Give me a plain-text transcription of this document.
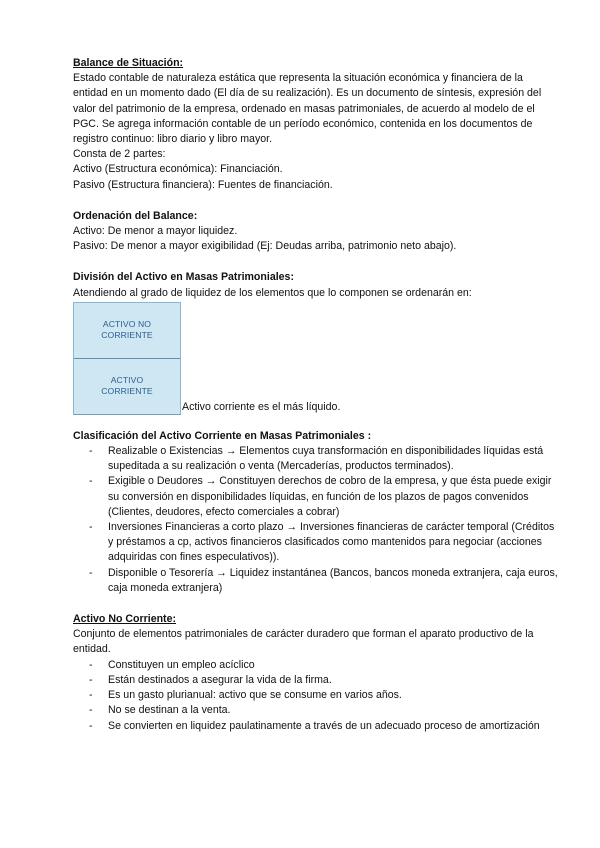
Balance de Situación:

Estado contable de naturaleza estática que representa la situación económica y financiera de la entidad en un momento dado (El día de su realización). Es un documento de síntesis, expresión del valor del patrimonio de la empresa, ordenado en masas patrimoniales, de acuerdo al modelo de el PGC. Se agrega información contable de un período económico, contenida en los documentos de registro continuo: libro diario y libro mayor.

Consta de 2 partes:

Activo (Estructura económica): Financiación.

Pasivo (Estructura financiera): Fuentes de financiación.

Ordenación del Balance:

Activo: De menor a mayor liquidez.

Pasivo: De menor a mayor exigibilidad (Ej: Deudas arriba, patrimonio neto abajo).

División del Activo en Masas Patrimoniales:

Atendiendo al grado de liquidez de los elementos que lo componen se ordenarán en:

ACTIVO NO
CORRIENTE
ACTIVO
CORRIENTE
Activo corriente es el más líquido.

Clasificación del Activo Corriente en Masas Patrimoniales :

- Realizable o Existencias → Elementos cuya transformación en disponibilidades líquidas está supeditada a su realización o venta (Mercaderías, productos terminados).
- Exigible o Deudores → Constituyen derechos de cobro de la empresa, y que ésta puede exigir su conversión en disponibilidades líquidas, en función de los plazos de pagos convenidos (Clientes, deudores, efecto comerciales a cobrar)
- Inversiones Financieras a corto plazo → Inversiones financieras de carácter temporal (Créditos y préstamos a cp, activos financieros clasificados como mantenidos para negociar (acciones adquiridas con fines especulativos)).
- Disponible o Tesorería → Liquidez instantánea (Bancos, bancos moneda extranjera, caja euros, caja moneda extranjera)

Activo No Corriente:

Conjunto de elementos patrimoniales de carácter duradero que forman el aparato productivo de la entidad.

- Constituyen un empleo acíclico
- Están destinados a asegurar la vida de la firma.
- Es un gasto plurianual: activo que se consume en varios años.
- No se destinan a la venta.
- Se convierten en liquidez paulatinamente a través de un adecuado proceso de amortización
